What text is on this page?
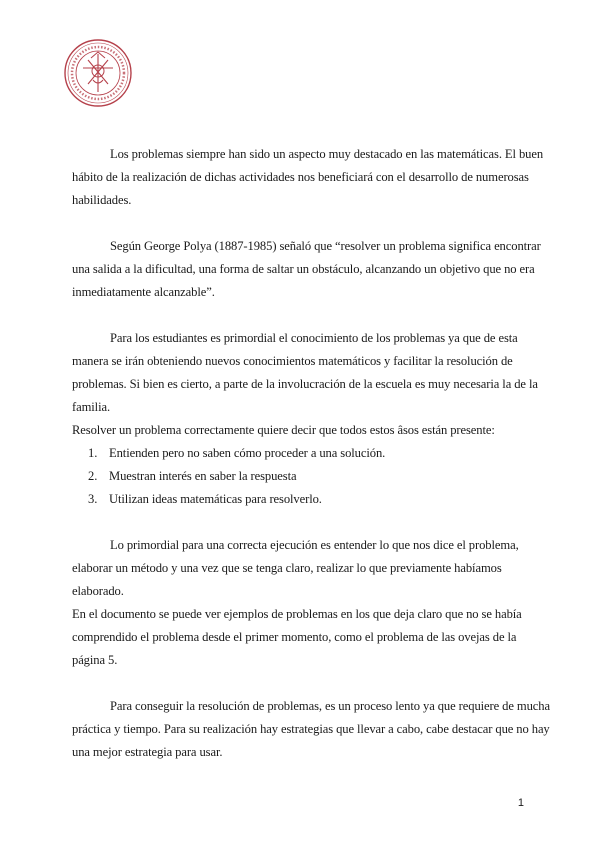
Los problemas siempre han sido un aspecto muy destacado en las matemáticas. El buen hábito de la realización de dichas actividades nos beneficiará con el desarrollo de numerosas habilidades.

Según George Polya (1887-1985) señaló que “resolver un problema significa encontrar una salida a la dificultad, una forma de saltar un obstáculo, alcanzando un objetivo que no era inmediatamente alcanzable”.

Para los estudiantes es primordial el conocimiento de los problemas ya que de esta manera se irán obteniendo nuevos conocimientos matemáticos y facilitar la resolución de problemas. Si bien es cierto, a parte de la involucración de la escuela es muy necesaria la de la familia.

Resolver un problema correctamente quiere decir que todos estos âsos están presente:

1. Entienden pero no saben cómo proceder a una solución.
2. Muestran interés en saber la respuesta
3. Utilizan ideas matemáticas para resolverlo.

Lo primordial para una correcta ejecución es entender lo que nos dice el problema, elaborar un método y una vez que se tenga claro, realizar lo que previamente habíamos elaborado.

En el documento se puede ver ejemplos de problemas en los que deja claro que no se había comprendido el problema desde el primer momento, como el problema de las ovejas de la página 5.

Para conseguir la resolución de problemas, es un proceso lento ya que requiere de mucha práctica y tiempo. Para su realización hay estrategias que llevar a cabo, cabe destacar que no hay una mejor estrategia para usar.

1
